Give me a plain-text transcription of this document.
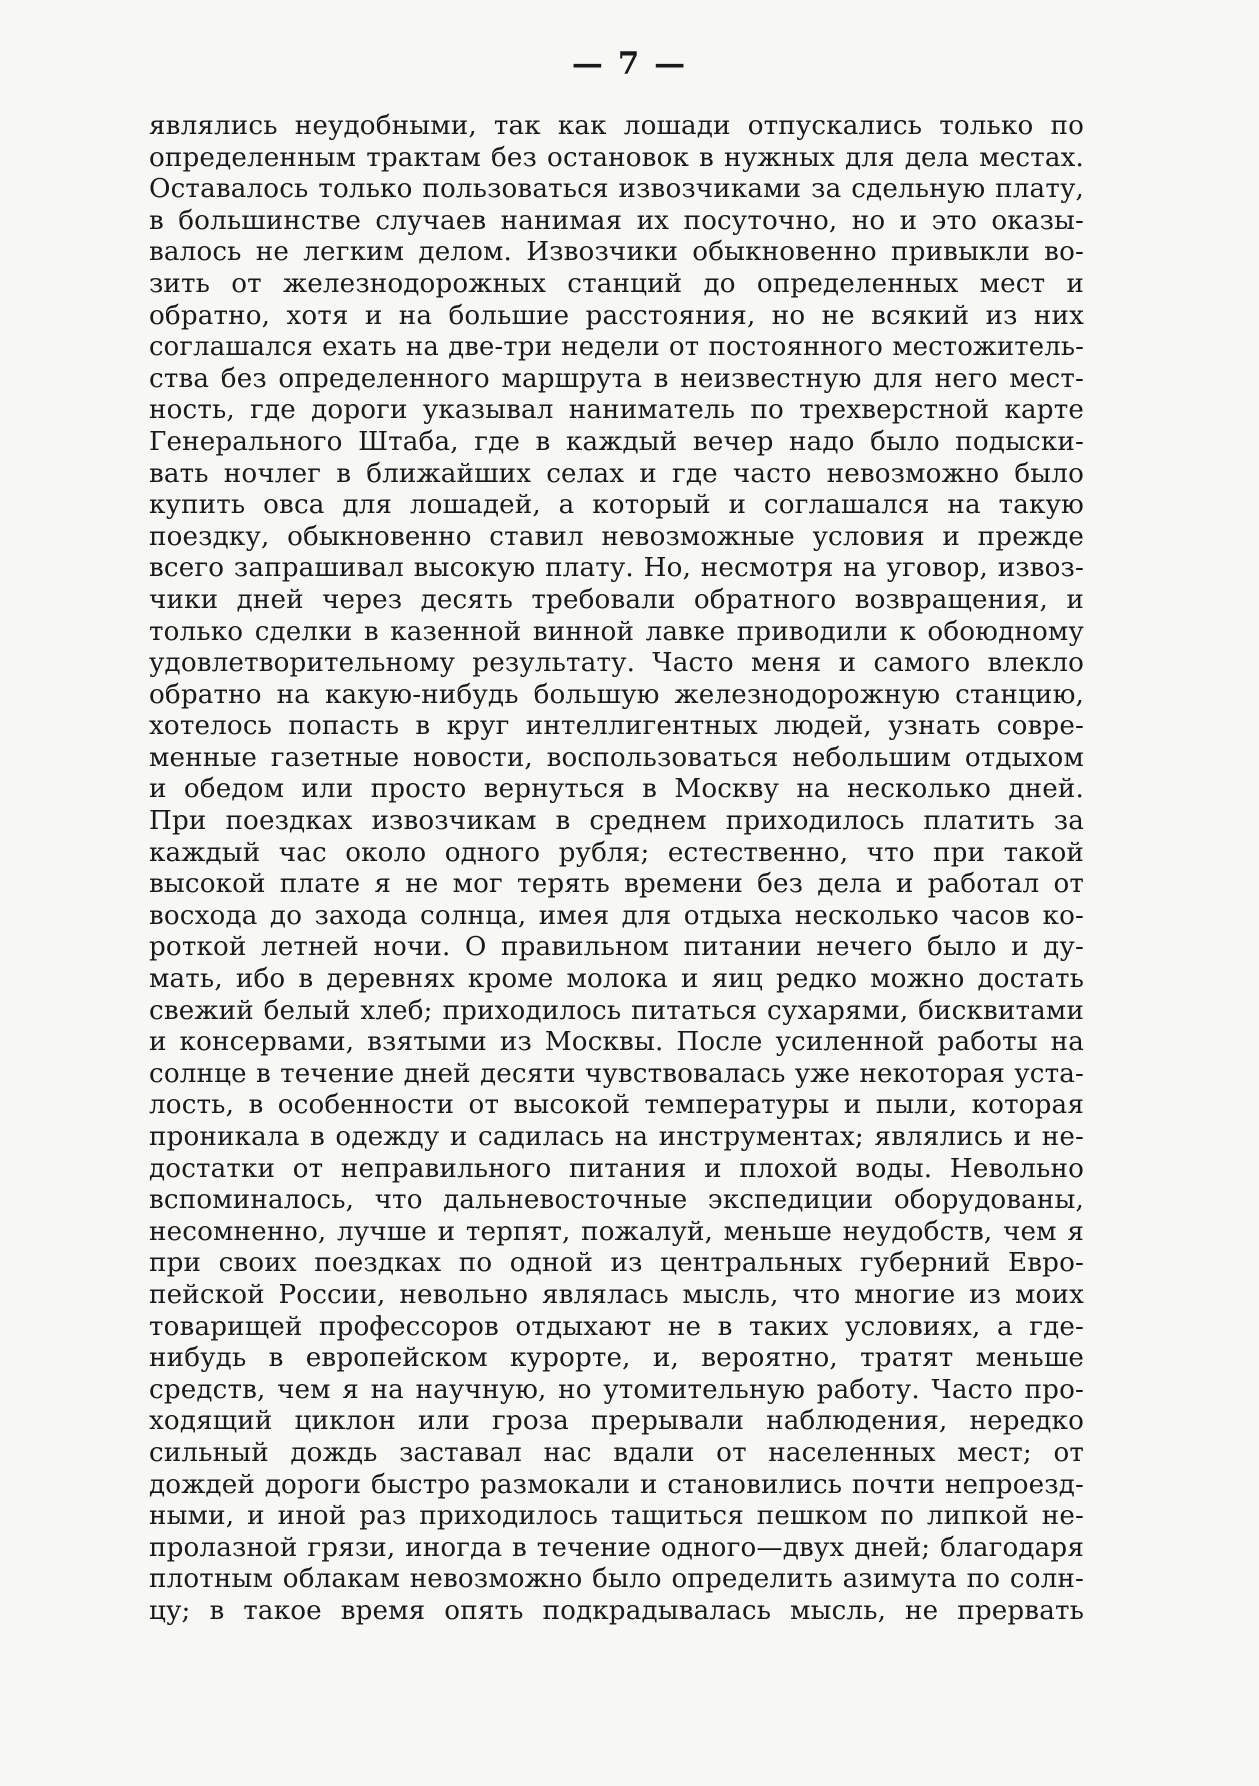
— 7 —
являлись неудобными, так как лошади отпускались только по
определенным трактам без остановок в нужных для дела местах.
Оставалось только пользоваться извозчиками за сдельную плату,
в большинстве случаев нанимая их посуточно, но и это оказы-
валось не легким делом. Извозчики обыкновенно привыкли во-
зить от железнодорожных станций до определенных мест и
обратно, хотя и на большие расстояния, но не всякий из них
соглашался ехать на две-три недели от постоянного местожитель-
ства без определенного маршрута в неизвестную для него мест-
ность, где дороги указывал наниматель по трехверстной карте
Генерального Штаба, где в каждый вечер надо было подыски-
вать ночлег в ближайших селах и где часто невозможно было
купить овса для лошадей, а который и соглашался на такую
поездку, обыкновенно ставил невозможные условия и прежде
всего запрашивал высокую плату. Но, несмотря на уговор, извоз-
чики дней через десять требовали обратного возвращения, и
только сделки в казенной винной лавке приводили к обоюдному
удовлетворительному результату. Часто меня и самого влекло
обратно на какую-нибудь большую железнодорожную станцию,
хотелось попасть в круг интеллигентных людей, узнать совре-
менные газетные новости, воспользоваться небольшим отдыхом
и обедом или просто вернуться в Москву на несколько дней.
При поездках извозчикам в среднем приходилось платить за
каждый час около одного рубля; естественно, что при такой
высокой плате я не мог терять времени без дела и работал от
восхода до захода солнца, имея для отдыха несколько часов ко-
роткой летней ночи. О правильном питании нечего было и ду-
мать, ибо в деревнях кроме молока и яиц редко можно достать
свежий белый хлеб; приходилось питаться сухарями, бисквитами
и консервами, взятыми из Москвы. После усиленной работы на
солнце в течение дней десяти чувствовалась уже некоторая уста-
лость, в особенности от высокой температуры и пыли, которая
проникала в одежду и садилась на инструментах; являлись и не-
достатки от неправильного питания и плохой воды. Невольно
вспоминалось, что дальневосточные экспедиции оборудованы,
несомненно, лучше и терпят, пожалуй, меньше неудобств, чем я
при своих поездках по одной из центральных губерний Евро-
пейской России, невольно являлась мысль, что многие из моих
товарищей профессоров отдыхают не в таких условиях, а где-
нибудь в европейском курорте, и, вероятно, тратят меньше
средств, чем я на научную, но утомительную работу. Часто про-
ходящий циклон или гроза прерывали наблюдения, нередко
сильный дождь заставал нас вдали от населенных мест; от
дождей дороги быстро размокали и становились почти непроезд-
ными, и иной раз приходилось тащиться пешком по липкой не-
пролазной грязи, иногда в течение одного—двух дней; благодаря
плотным облакам невозможно было определить азимута по солн-
цу; в такое время опять подкрадывалась мысль, не прервать
